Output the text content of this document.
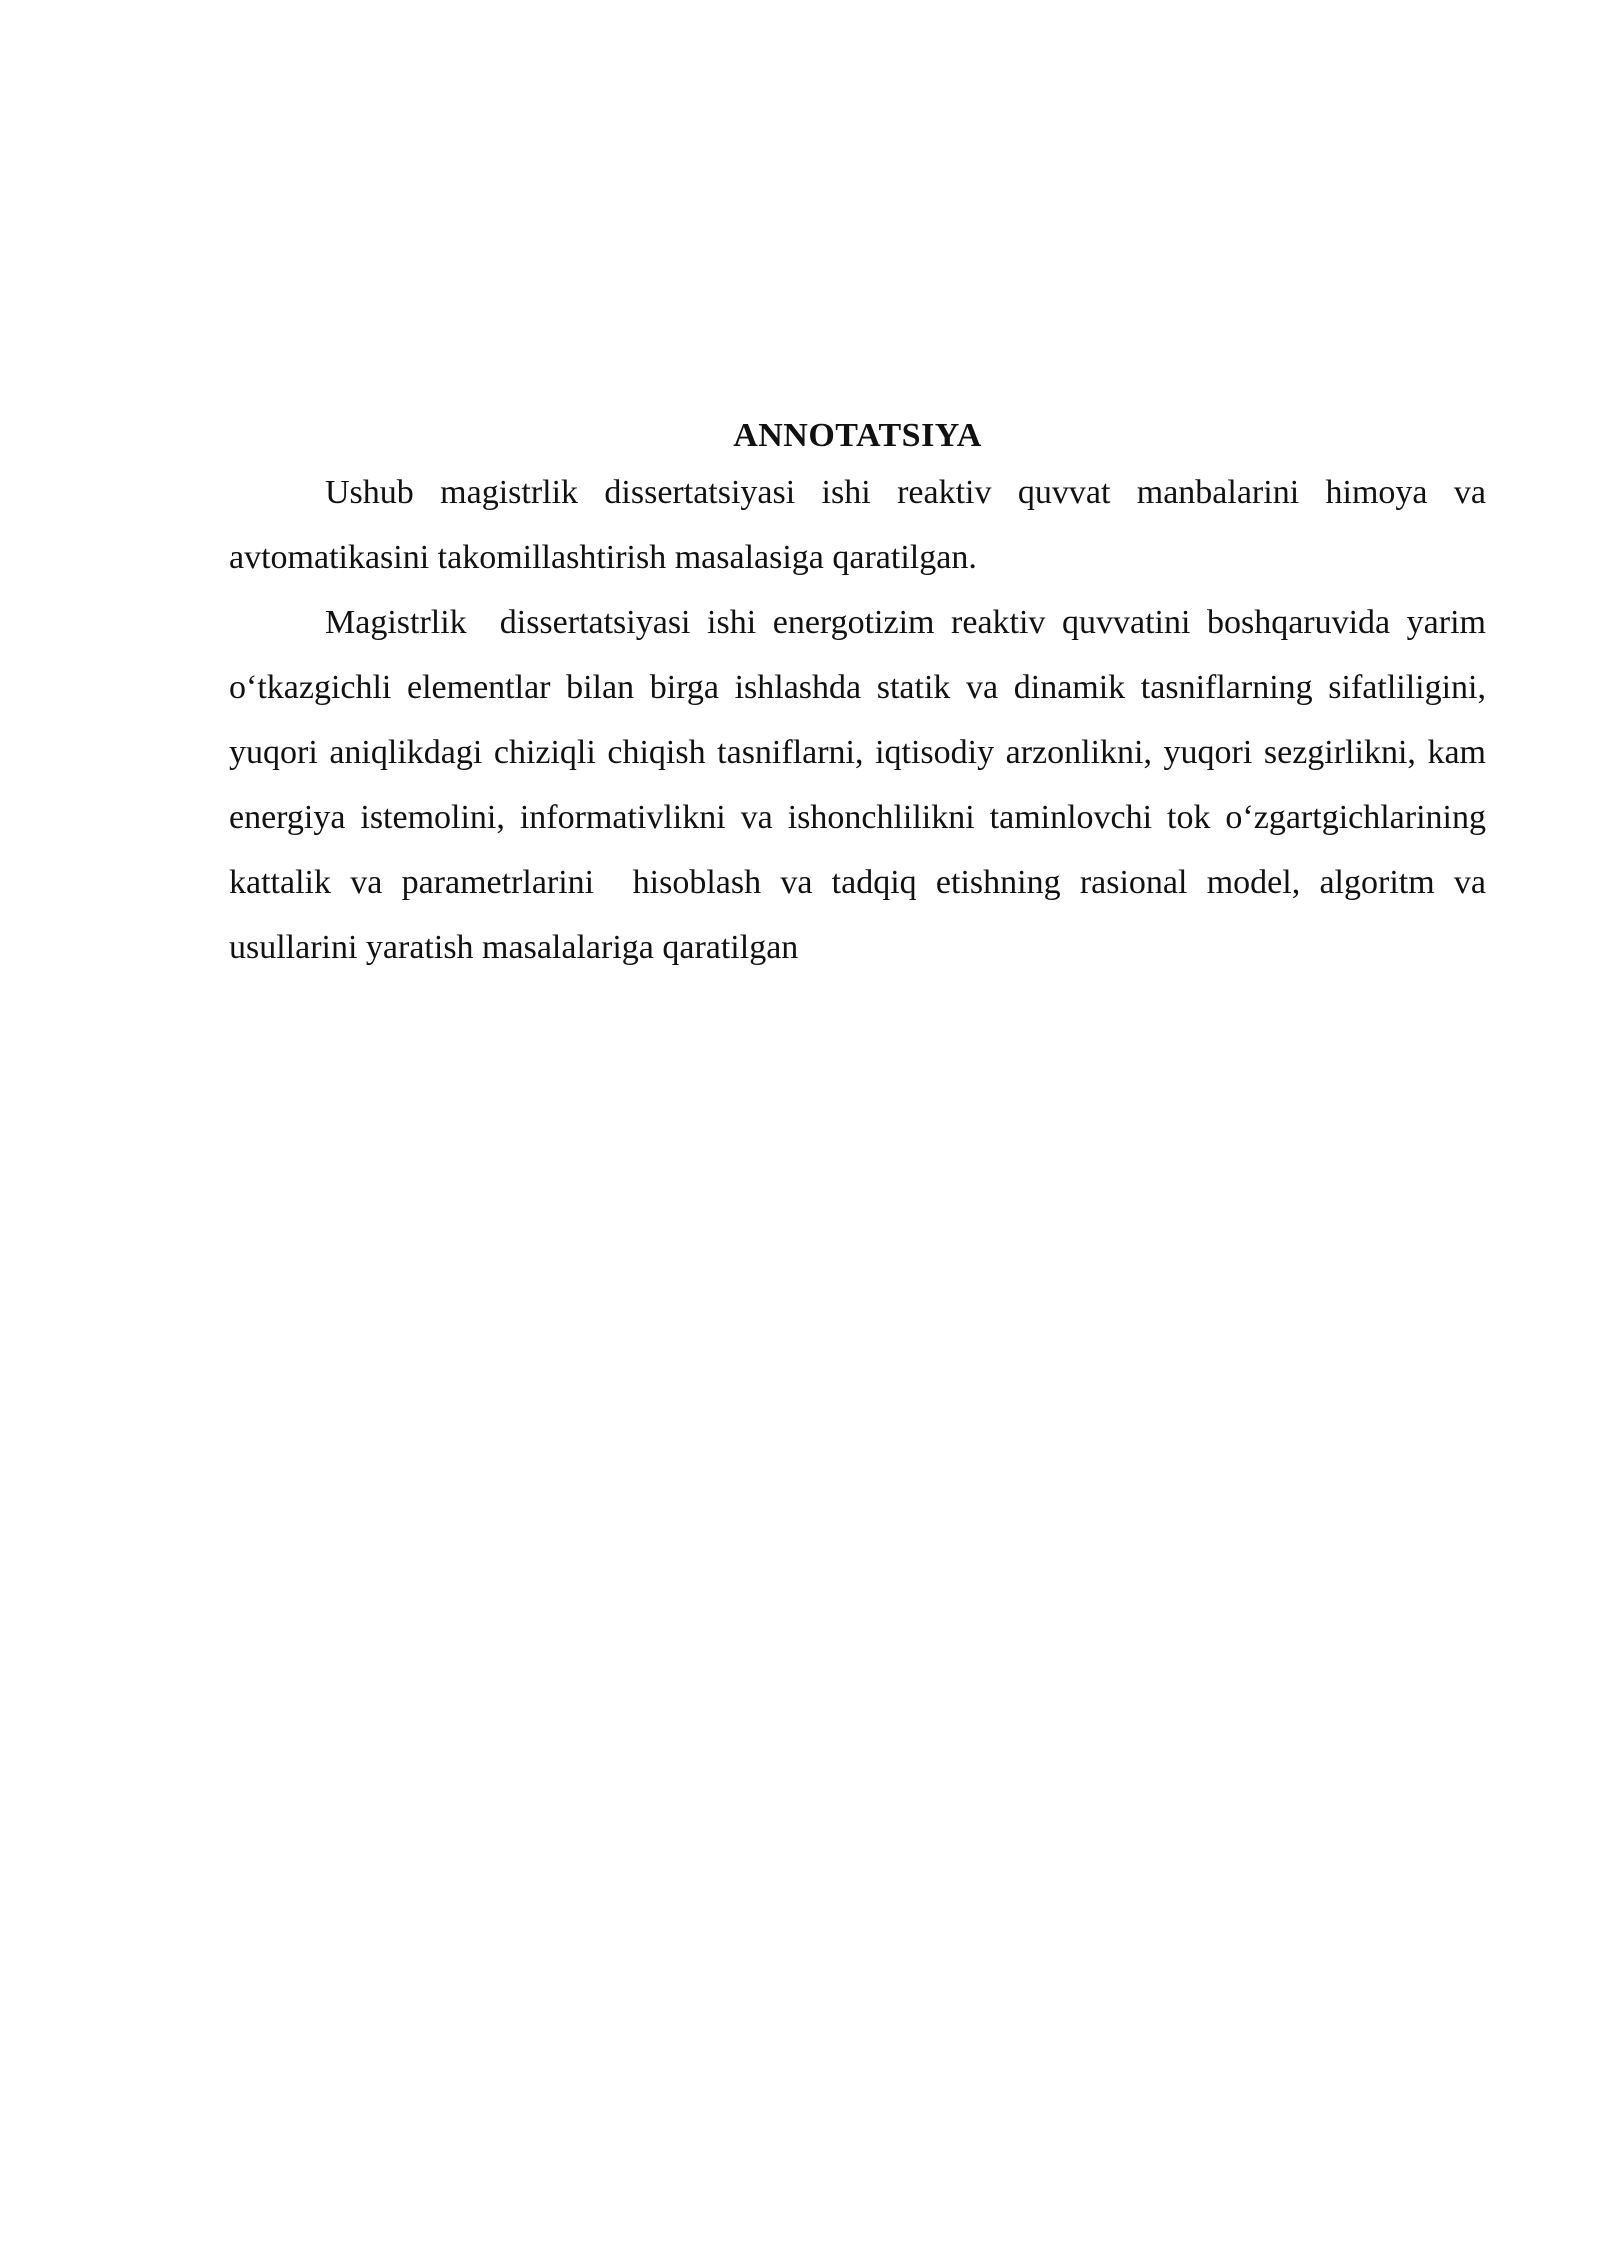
ANNOTATSIYA

Ushub magistrlik dissertatsiyasi ishi reaktiv quvvat manbalarini himoya va avtomatikasini takomillashtirish masalasiga qaratilgan.

Magistrlik  dissertatsiyasi ishi energotizim reaktiv quvvatini boshqaruvida yarim o‘tkazgichli elementlar bilan birga ishlashda statik va dinamik tasniflarning sifatliligini, yuqori aniqlikdagi chiziqli chiqish tasniflarni, iqtisodiy arzonlikni, yuqori sezgirlikni, kam energiya istemolini, informativlikni va ishonchlilikni taminlovchi tok o‘zgartgichlarining kattalik va parametrlarini  hisoblash va tadqiq etishning rasional model, algoritm va usullarini yaratish masalalariga qaratilgan
